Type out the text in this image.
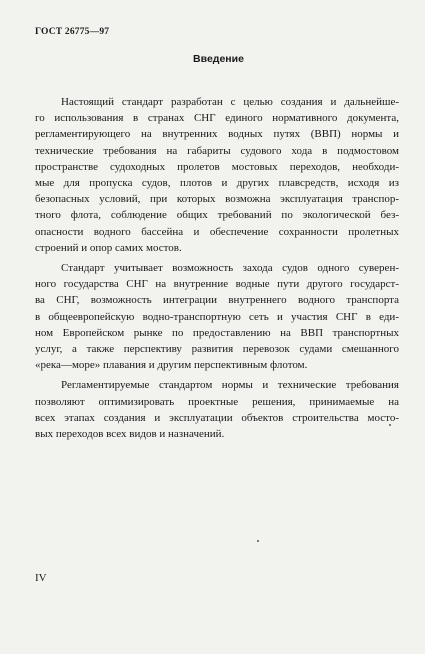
ГОСТ 26775—97
Введение

Настоящий стандарт разработан с целью создания и дальнейше-
го использования в странах СНГ единого нормативного документа,
регламентирующего на внутренних водных путях (ВВП) нормы и
технические требования на габариты судового хода в подмостовом
пространстве судоходных пролетов мостовых переходов, необходи-
мые для пропуска судов, плотов и других плавсредств, исходя из
безопасных условий, при которых возможна эксплуатация транспор-
тного флота, соблюдение общих требований по экологической без-
опасности водного бассейна и обеспечение сохранности пролетных
строений и опор самих мостов.

Стандарт учитывает возможность захода судов одного суверен-
ного государства СНГ на внутренние водные пути другого государст-
ва СНГ, возможность интеграции внутреннего водного транспорта
в общеевропейскую водно-транспортную сеть и участия СНГ в еди-
ном Европейском рынке по предоставлению на ВВП транспортных
услуг, а также перспективу развития перевозок судами смешанного
«река—море» плавания и другим перспективным флотом.

Регламентируемые стандартом нормы и технические требования
позволяют оптимизировать проектные решения, принимаемые на
всех этапах создания и эксплуатации объектов строительства мосто-
вых переходов всех видов и назначений.

IV
